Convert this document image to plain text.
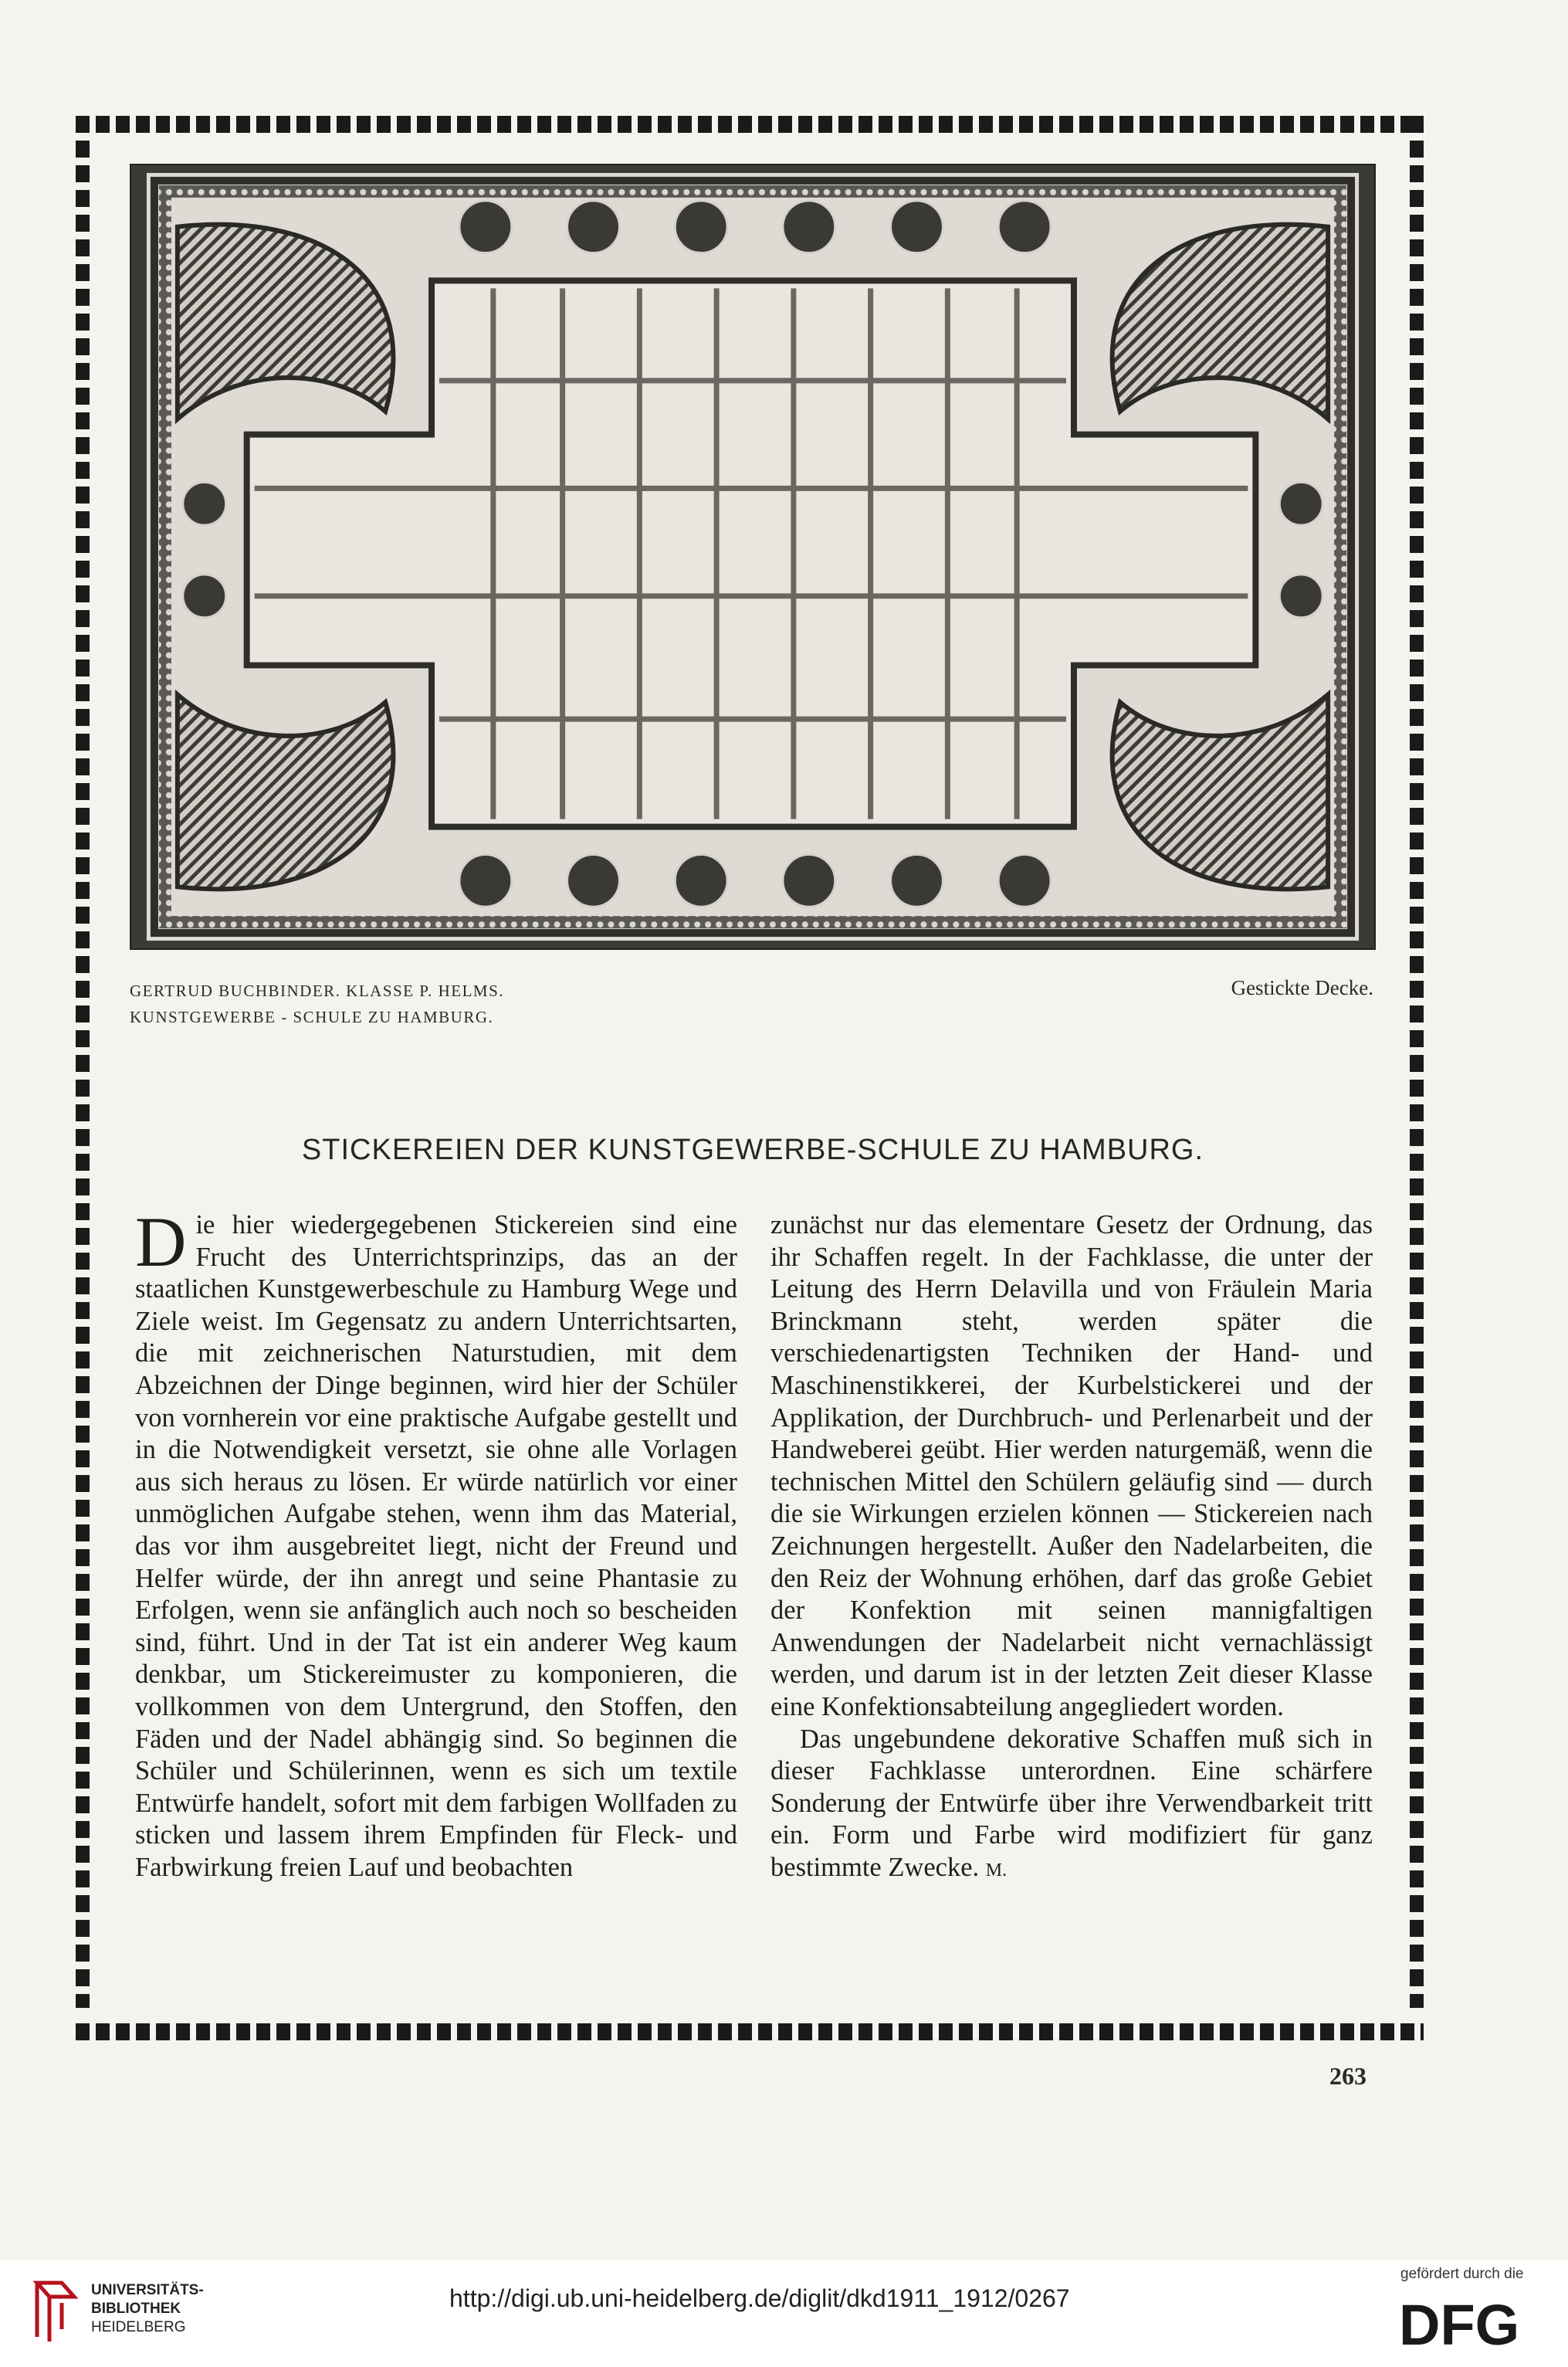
GERTRUD BUCHBINDER. KLASSE P. HELMS.
KUNSTGEWERBE - SCHULE ZU HAMBURG.
Gestickte Decke.
STICKEREIEN DER KUNSTGEWERBE-SCHULE ZU HAMBURG.

Die hier wiedergegebenen Stickereien sind eine Frucht des Unterrichtsprinzips, das an der staatlichen Kunstgewerbeschule zu Hamburg Wege und Ziele weist. Im Gegensatz zu andern Unterrichtsarten, die mit zeichnerischen Naturstudien, mit dem Abzeichnen der Dinge beginnen, wird hier der Schüler von vornherein vor eine praktische Aufgabe gestellt und in die Notwendigkeit versetzt, sie ohne alle Vorlagen aus sich heraus zu lösen. Er würde natürlich vor einer unmöglichen Aufgabe stehen, wenn ihm das Material, das vor ihm ausgebreitet liegt, nicht der Freund und Helfer würde, der ihn anregt und seine Phantasie zu Erfolgen, wenn sie anfänglich auch noch so bescheiden sind, führt. Und in der Tat ist ein anderer Weg kaum denkbar, um Stickereimuster zu komponieren, die vollkommen von dem Untergrund, den Stoffen, den Fäden und der Nadel abhängig sind. So beginnen die Schüler und Schülerinnen, wenn es sich um textile Entwürfe handelt, sofort mit dem farbigen Wollfaden zu sticken und lassem ihrem Empfinden für Fleck- und Farbwirkung freien Lauf und beobachten

zunächst nur das elementare Gesetz der Ordnung, das ihr Schaffen regelt. In der Fachklasse, die unter der Leitung des Herrn Delavilla und von Fräulein Maria Brinckmann steht, werden später die verschiedenartigsten Techniken der Hand- und Maschinenstikkerei, der Kurbelstickerei und der Applikation, der Durchbruch- und Perlenarbeit und der Handweberei geübt. Hier werden naturgemäß, wenn die technischen Mittel den Schülern geläufig sind — durch die sie Wirkungen erzielen können — Stickereien nach Zeichnungen hergestellt. Außer den Nadelarbeiten, die den Reiz der Wohnung erhöhen, darf das große Gebiet der Konfektion mit seinen mannigfaltigen Anwendungen der Nadelarbeit nicht vernachlässigt werden, und darum ist in der letzten Zeit dieser Klasse eine Konfektionsabteilung angegliedert worden.

Das ungebundene dekorative Schaffen muß sich in dieser Fachklasse unterordnen. Eine schärfere Sonderung der Entwürfe über ihre Verwendbarkeit tritt ein. Form und Farbe wird modifiziert für ganz bestimmte Zwecke. M.

263
UNIVERSITÄTS-
BIBLIOTHEK
HEIDELBERG
http://digi.ub.uni-heidelberg.de/diglit/dkd1911_1912/0267
gefördert durch die
DFG
